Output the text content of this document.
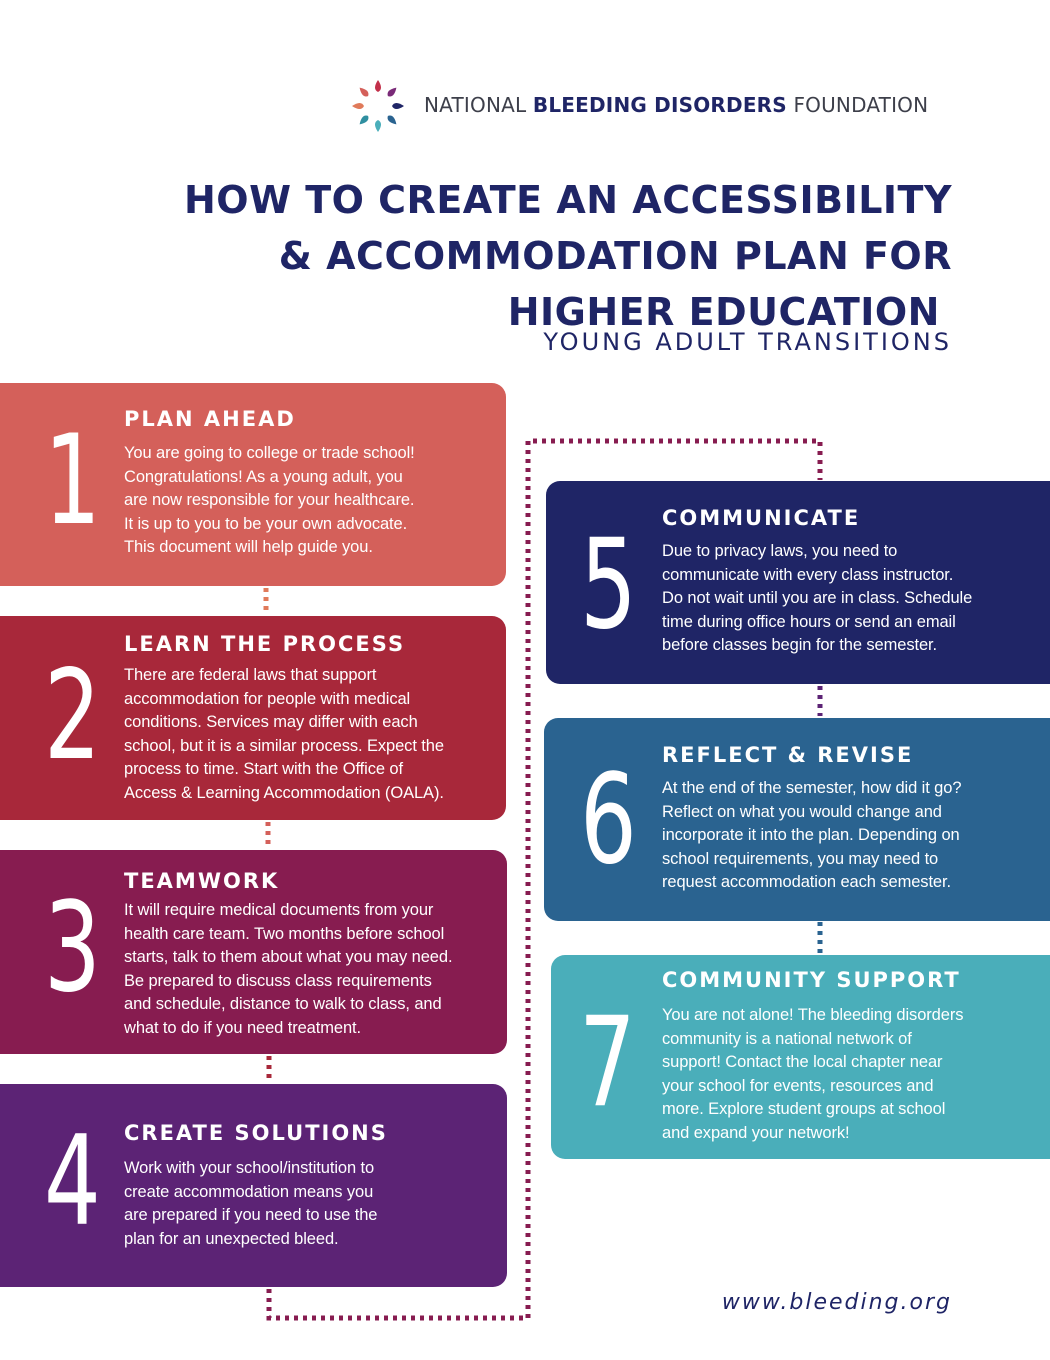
NATIONAL BLEEDING DISORDERS FOUNDATION
HOW TO CREATE AN ACCESSIBILITY
& ACCOMMODATION PLAN FOR
HIGHER EDUCATION
YOUNG ADULT TRANSITIONS
1 PLAN AHEAD
You are going to college or trade school!
Congratulations! As a young adult, you
are now responsible for your healthcare.
It is up to you to be your own advocate.
This document will help guide you.
2 LEARN THE PROCESS
There are federal laws that support
accommodation for people with medical
conditions. Services may differ with each
school, but it is a similar process. Expect the
process to time. Start with the Office of
Access & Learning Accommodation (OALA).
3 TEAMWORK
It will require medical documents from your
health care team. Two months before school
starts, talk to them about what you may need.
Be prepared to discuss class requirements
and schedule, distance to walk to class, and
what to do if you need treatment.
4 CREATE SOLUTIONS
Work with your school/institution to
create accommodation means you
are prepared if you need to use the
plan for an unexpected bleed.
5 COMMUNICATE
Due to privacy laws, you need to
communicate with every class instructor.
Do not wait until you are in class. Schedule
time during office hours or send an email
before classes begin for the semester.
6 REFLECT & REVISE
At the end of the semester, how did it go?
Reflect on what you would change and
incorporate it into the plan. Depending on
school requirements, you may need to
request accommodation each semester.
7
COMMUNITY SUPPORT
You are not alone! The bleeding disorders
community is a national network of
support! Contact the local chapter near
your school for events, resources and
more. Explore student groups at school
and expand your network!
www.bleeding.org
